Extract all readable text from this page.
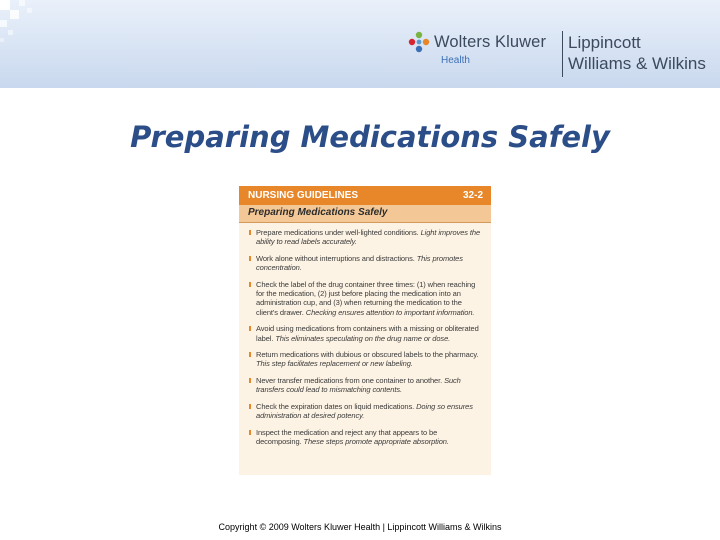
Wolters Kluwer
Health
Lippincott
Williams & Wilkins
Preparing Medications Safely
NURSING GUIDELINES	32-2
Preparing Medications Safely
Prepare medications under well-lighted conditions. Light improves the ability to read labels accurately.
Work alone without interruptions and distractions. This promotes concentration.
Check the label of the drug container three times: (1) when reaching for the medication, (2) just before placing the medication into an administration cup, and (3) when returning the medication to the client's drawer. Checking ensures attention to important information.
Avoid using medications from containers with a missing or obliterated label. This eliminates speculating on the drug name or dose.
Return medications with dubious or obscured labels to the pharmacy. This step facilitates replacement or new labeling.
Never transfer medications from one container to another. Such transfers could lead to mismatching contents.
Check the expiration dates on liquid medications. Doing so ensures administration at desired potency.
Inspect the medication and reject any that appears to be decomposing. These steps promote appropriate absorption.
Copyright © 2009 Wolters Kluwer Health | Lippincott Williams & Wilkins
